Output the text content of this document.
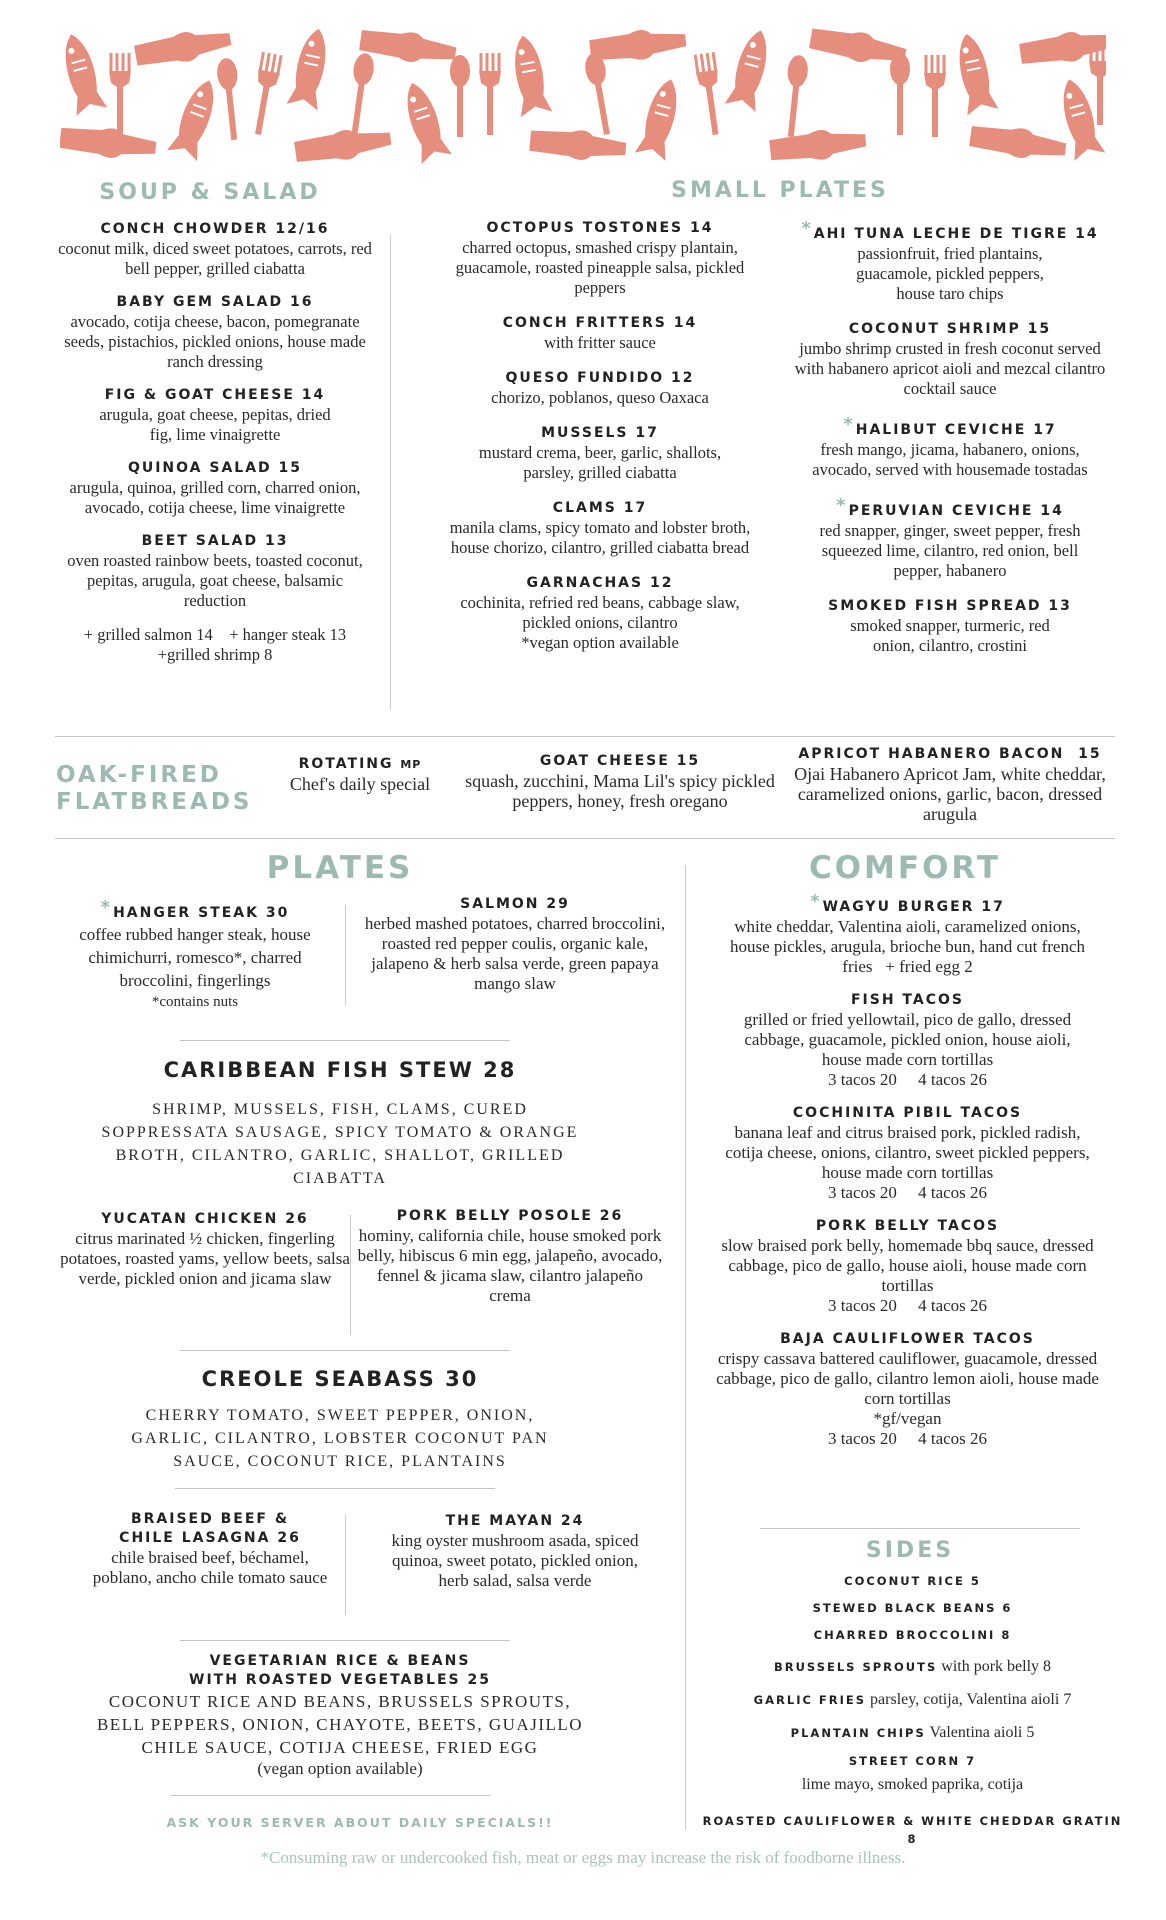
SOUP & SALAD
CONCH CHOWDER 12/16
coconut milk, diced sweet potatoes, carrots, red bell pepper, grilled ciabatta
BABY GEM SALAD 16
avocado, cotija cheese, bacon, pomegranate seeds, pistachios, pickled onions, house made ranch dressing
FIG & GOAT CHEESE 14
arugula, goat cheese, pepitas, dried fig, lime vinaigrette
QUINOA SALAD 15
arugula, quinoa, grilled corn, charred onion, avocado, cotija cheese, lime vinaigrette
BEET SALAD 13
oven roasted rainbow beets, toasted coconut, pepitas, arugula, goat cheese, balsamic reduction
+ grilled salmon 14    + hanger steak 13
+grilled shrimp 8
SMALL PLATES
OCTOPUS TOSTONES 14
charred octopus, smashed crispy plantain, guacamole, roasted pineapple salsa, pickled peppers
CONCH FRITTERS 14
with fritter sauce
QUESO FUNDIDO 12
chorizo, poblanos, queso Oaxaca
MUSSELS 17
mustard crema, beer, garlic, shallots, parsley, grilled ciabatta
CLAMS 17
manila clams, spicy tomato and lobster broth, house chorizo, cilantro, grilled ciabatta bread
GARNACHAS 12
cochinita, refried red beans, cabbage slaw, pickled onions, cilantro
*vegan option available
*AHI TUNA LECHE DE TIGRE 14
passionfruit, fried plantains, guacamole, pickled peppers, house taro chips
COCONUT SHRIMP 15
jumbo shrimp crusted in fresh coconut served with habanero apricot aioli and mezcal cilantro cocktail sauce
*HALIBUT CEVICHE 17
fresh mango, jicama, habanero, onions, avocado, served with housemade tostadas
*PERUVIAN CEVICHE 14
red snapper, ginger, sweet pepper, fresh squeezed lime, cilantro, red onion, bell pepper, habanero
SMOKED FISH SPREAD 13
smoked snapper, turmeric, red onion, cilantro, crostini
OAK-FIRED
FLATBREADS
ROTATING MP
Chef's daily special
GOAT CHEESE 15
squash, zucchini, Mama Lil's spicy pickled peppers, honey, fresh oregano
APRICOT HABANERO BACON  15
Ojai Habanero Apricot Jam, white cheddar, caramelized onions, garlic, bacon, dressed arugula
PLATES
*HANGER STEAK 30
coffee rubbed hanger steak, house chimichurri, romesco*, charred broccolini, fingerlings
*contains nuts
SALMON 29
herbed mashed potatoes, charred broccolini, roasted red pepper coulis, organic kale, jalapeno & herb salsa verde, green papaya mango slaw
CARIBBEAN FISH STEW 28
SHRIMP, MUSSELS, FISH, CLAMS, CURED SOPPRESSATA SAUSAGE, SPICY TOMATO & ORANGE BROTH, CILANTRO, GARLIC, SHALLOT, GRILLED CIABATTA
YUCATAN CHICKEN 26
citrus marinated ½ chicken, fingerling potatoes, roasted yams, yellow beets, salsa verde, pickled onion and jicama slaw
PORK BELLY POSOLE 26
hominy, california chile, house smoked pork belly, hibiscus 6 min egg, jalapeño, avocado, fennel & jicama slaw, cilantro jalapeño crema
CREOLE SEABASS 30
CHERRY TOMATO, SWEET PEPPER, ONION, GARLIC, CILANTRO, LOBSTER COCONUT PAN SAUCE, COCONUT RICE, PLANTAINS
BRAISED BEEF &
CHILE LASAGNA 26
chile braised beef, béchamel, poblano, ancho chile tomato sauce
THE MAYAN 24
king oyster mushroom asada, spiced quinoa, sweet potato, pickled onion, herb salad, salsa verde
VEGETARIAN RICE & BEANS
WITH ROASTED VEGETABLES 25
COCONUT RICE AND BEANS, BRUSSELS SPROUTS, BELL PEPPERS, ONION, CHAYOTE, BEETS, GUAJILLO CHILE SAUCE, COTIJA CHEESE, FRIED EGG
(vegan option available)
ASK YOUR SERVER ABOUT DAILY SPECIALS!!
COMFORT
*WAGYU BURGER 17
white cheddar, Valentina aioli, caramelized onions, house pickles, arugula, brioche bun, hand cut french fries   + fried egg 2
FISH TACOS
grilled or fried yellowtail, pico de gallo, dressed cabbage, guacamole, pickled onion, house aioli, house made corn tortillas
3 tacos 20     4 tacos 26
COCHINITA PIBIL TACOS
banana leaf and citrus braised pork, pickled radish, cotija cheese, onions, cilantro, sweet pickled peppers, house made corn tortillas
3 tacos 20     4 tacos 26
PORK BELLY TACOS
slow braised pork belly, homemade bbq sauce, dressed cabbage, pico de gallo, house aioli, house made corn tortillas
3 tacos 20     4 tacos 26
BAJA CAULIFLOWER TACOS
crispy cassava battered cauliflower, guacamole, dressed cabbage, pico de gallo, cilantro lemon aioli, house made corn tortillas
*gf/vegan
3 tacos 20     4 tacos 26
SIDES
COCONUT RICE 5
STEWED BLACK BEANS 6
CHARRED BROCCOLINI 8
BRUSSELS SPROUTS with pork belly 8
GARLIC FRIES parsley, cotija, Valentina aioli 7
PLANTAIN CHIPS Valentina aioli 5
STREET CORN 7
lime mayo, smoked paprika, cotija
ROASTED CAULIFLOWER & WHITE CHEDDAR GRATIN 8
*Consuming raw or undercooked fish, meat or eggs may increase the risk of foodborne illness.
